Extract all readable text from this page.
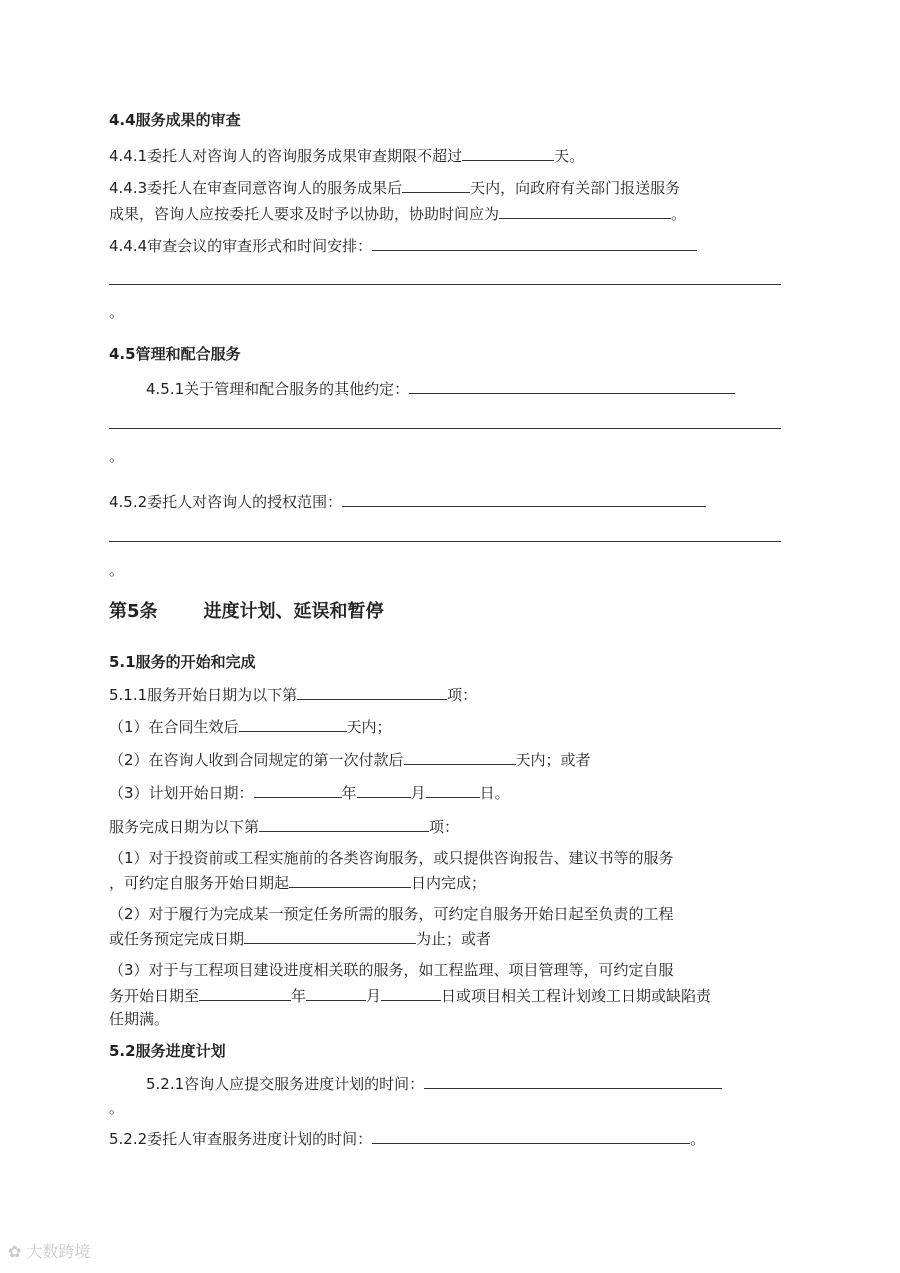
4.4服务成果的审查
4.4.1委托人对咨询人的咨询服务成果审查期限不超过	天。
4.4.3委托人在审查同意咨询人的服务成果后	天内，向政府有关部门报送服务
成果，咨询人应按委托人要求及时予以协助，协助时间应为	。
4.4.4审查会议的审查形式和时间安排：
。
4.5管理和配合服务
4.5.1关于管理和配合服务的其他约定：
。
4.5.2委托人对咨询人的授权范围：
。
第5条	进度计划、延误和暂停
5.1服务的开始和完成
5.1.1服务开始日期为以下第	项：
（1）在合同生效后	天内；
（2）在咨询人收到合同规定的第一次付款后	天内；或者
（3）计划开始日期：	年	月	日。
服务完成日期为以下第	项：
（1）对于投资前或工程实施前的各类咨询服务，或只提供咨询报告、建议书等的服务
，可约定自服务开始日期起	日内完成；
（2）对于履行为完成某一预定任务所需的服务，可约定自服务开始日起至负责的工程
或任务预定完成日期	为止；或者
（3）对于与工程项目建设进度相关联的服务，如工程监理、项目管理等，可约定自服
务开始日期至	年	月	日或项目相关工程计划竣工日期或缺陷责
任期满。
5.2服务进度计划
5.2.1咨询人应提交服务进度计划的时间：
。
5.2.2委托人审查服务进度计划的时间：	。
✿ 大数跨境
